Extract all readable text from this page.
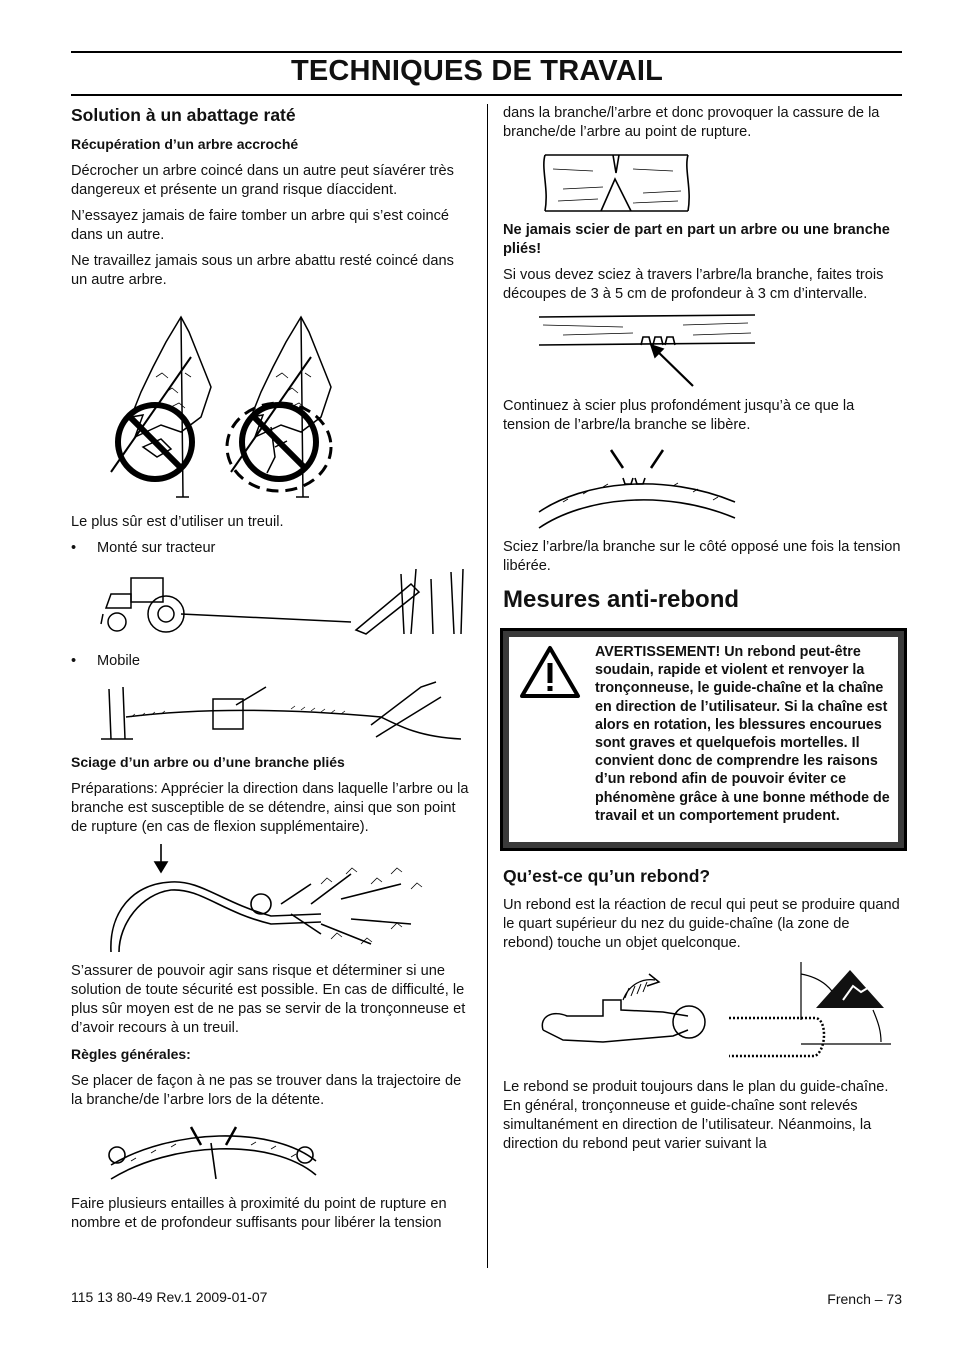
TECHNIQUES DE TRAVAIL
Solution à un abattage raté
Récupération d’un arbre accroché

Décrocher un arbre coincé dans un autre peut síavérer très dangereux et présente un grand risque díaccident.

N’essayez jamais de faire tomber un arbre qui s’est coincé dans un autre.

Ne travaillez jamais sous un arbre abattu resté coincé dans un autre arbre.

Le plus sûr est d’utiliser un treuil.

•	Monté sur tracteur
•	Mobile
Sciage d’un arbre ou d’une branche pliés

Préparations: Apprécier la direction dans laquelle l’arbre ou la branche est susceptible de se détendre, ainsi que son point de rupture (en cas de flexion supplémentaire).

S’assurer de pouvoir agir sans risque et déterminer si une solution de toute sécurité est possible. En cas de difficulté, le plus sûr moyen est de ne pas se servir de la tronçonneuse et d’avoir recours à un treuil.

Règles générales:

Se placer de façon à ne pas se trouver dans la trajectoire de la branche/de l’arbre lors de la détente.

Faire plusieurs entailles à proximité du point de rupture en nombre et de profondeur suffisants pour libérer la tension

dans la branche/l’arbre et donc provoquer la cassure de la branche/de l’arbre au point de rupture.

Ne jamais scier de part en part un arbre ou une branche pliés!

Si vous devez sciez à travers l’arbre/la branche, faites trois découpes de 3 à 5 cm de profondeur à 3 cm d’intervalle.

Continuez à scier plus profondément jusqu’à ce que la tension de l’arbre/la branche se libère.

Sciez l’arbre/la branche sur le côté opposé une fois la tension libérée.

Mesures anti-rebond
AVERTISSEMENT! Un rebond peut-être soudain, rapide et violent et renvoyer la tronçonneuse, le guide-chaîne et la chaîne en direction de l’utilisateur. Si la chaîne est alors en rotation, les blessures encourues sont graves et quelquefois mortelles. Il convient donc de comprendre les raisons d’un rebond afin de pouvoir éviter ce phénomène grâce à une bonne méthode de travail et un comportement prudent.
Qu’est-ce qu’un rebond?

Un rebond est la réaction de recul qui peut se produire quand le quart supérieur du nez du guide-chaîne (la zone de rebond) touche un objet quelconque.

Le rebond se produit toujours dans le plan du guide-chaîne. En général, tronçonneuse et guide-chaîne sont relevés simultanément en direction de l’utilisateur. Néanmoins, la direction du rebond peut varier suivant la

115 13 80-49 Rev.1 2009-01-07	French – 73
